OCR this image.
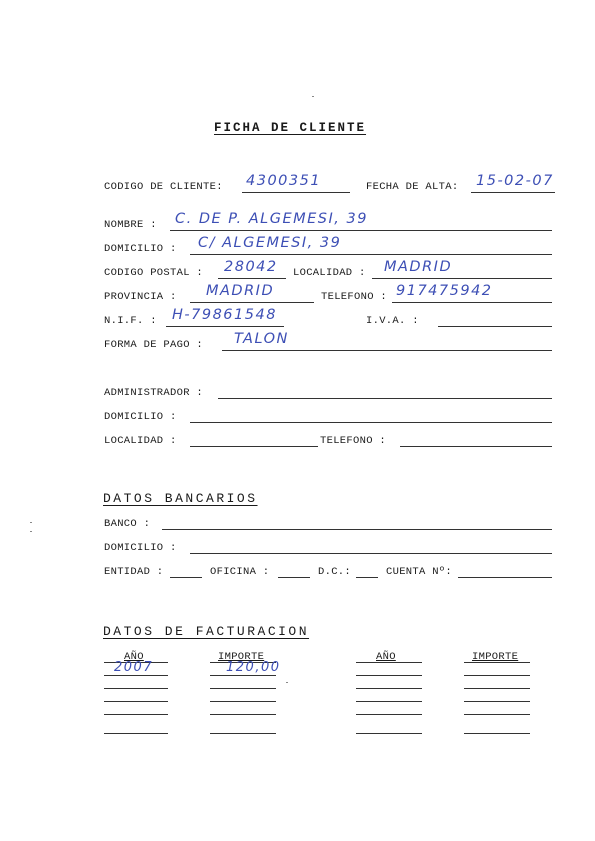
FICHA DE CLIENTE
CODIGO DE CLIENTE: 4300351	FECHA DE ALTA: 15-02-07
NOMBRE : C. DE P. ALGEMESI, 39
DOMICILIO : C/ ALGEMESI, 39
CODIGO POSTAL : 28042 LOCALIDAD : MADRID
PROVINCIA : MADRID	TELEFONO : 917475942
N.I.F. : H-79861548	I.V.A. :
FORMA DE PAGO : TALON
ADMINISTRADOR :
DOMICILIO :
LOCALIDAD :	TELEFONO :
DATOS BANCARIOS
BANCO :
DOMICILIO :
ENTIDAD :	OFICINA :	D.C.:	CUENTA Nº:
DATOS DE FACTURACION
AÑO	IMPORTE	AÑO	IMPORTE
2007	120,00
